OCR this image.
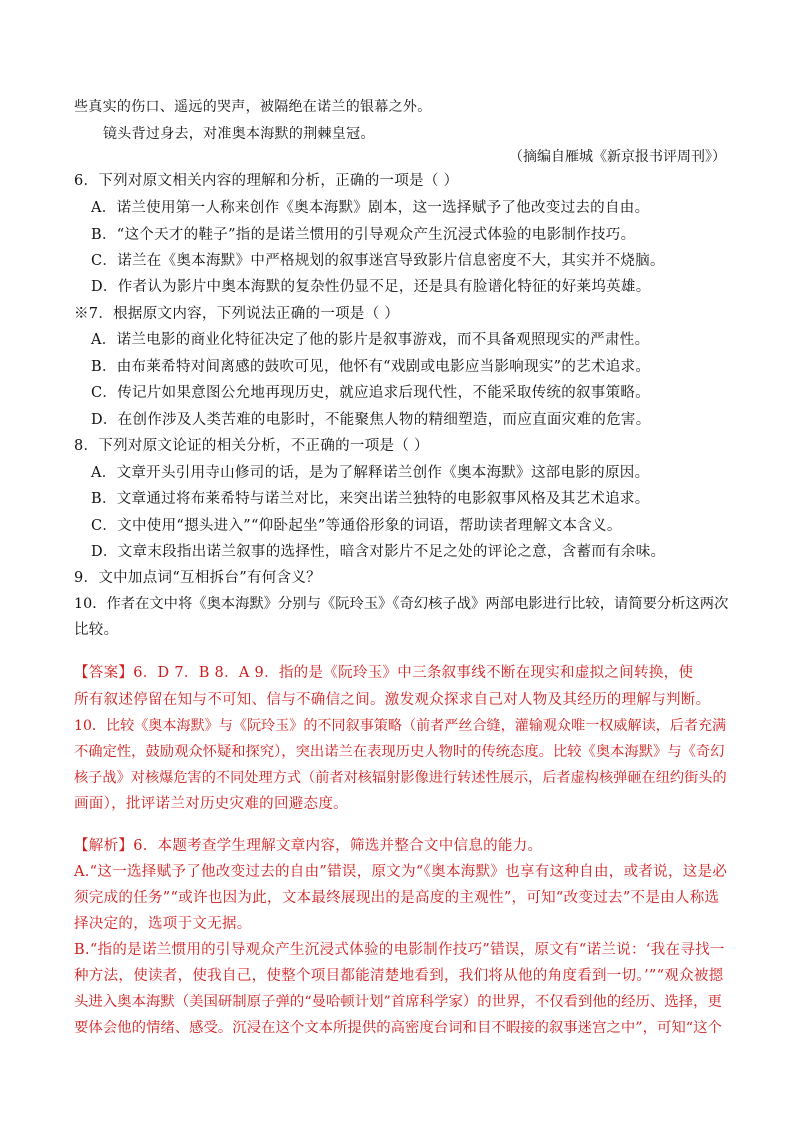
些真实的伤口、遥远的哭声，被隔绝在诺兰的银幕之外。
镜头背过身去，对准奥本海默的荆棘皇冠。
（摘编自雁城《新京报书评周刊》）
6．下列对原文相关内容的理解和分析，正确的一项是（ ）
A．诺兰使用第一人称来创作《奥本海默》剧本，这一选择赋予了他改变过去的自由。
B．“这个天才的鞋子”指的是诺兰惯用的引导观众产生沉浸式体验的电影制作技巧。
C．诺兰在《奥本海默》中严格规划的叙事迷宫导致影片信息密度不大，其实并不烧脑。
D．作者认为影片中奥本海默的复杂性仍显不足，还是具有脸谱化特征的好莱坞英雄。
※7．根据原文内容，下列说法正确的一项是（ ）
A．诺兰电影的商业化特征决定了他的影片是叙事游戏，而不具备观照现实的严肃性。
B．由布莱希特对间离感的鼓吹可见，他怀有“戏剧或电影应当影响现实”的艺术追求。
C．传记片如果意图公允地再现历史，就应追求后现代性，不能采取传统的叙事策略。
D．在创作涉及人类苦难的电影时，不能聚焦人物的精细塑造，而应直面灾难的危害。
8．下列对原文论证的相关分析，不正确的一项是（ ）
A．文章开头引用寺山修司的话，是为了解释诺兰创作《奥本海默》这部电影的原因。
B．文章通过将布莱希特与诺兰对比，来突出诺兰独特的电影叙事风格及其艺术追求。
C．文中使用“摁头进入”“仰卧起坐”等通俗形象的词语，帮助读者理解文本含义。
D．文章末段指出诺兰叙事的选择性，暗含对影片不足之处的评论之意，含蓄而有余味。
9．文中加点词“互相拆台”有何含义？
10．作者在文中将《奥本海默》分别与《阮玲玉》《奇幻核子战》两部电影进行比较，请简要分析这两次
比较。
【答案】6．D 7．B 8．A 9．指的是《阮玲玉》中三条叙事线不断在现实和虚拟之间转换，使
所有叙述停留在知与不可知、信与不确信之间。激发观众探求自己对人物及其经历的理解与判断。
10．比较《奥本海默》与《阮玲玉》的不同叙事策略（前者严丝合缝，灌输观众唯一权威解读，后者充满
不确定性，鼓励观众怀疑和探究），突出诺兰在表现历史人物时的传统态度。比较《奥本海默》与《奇幻
核子战》对核爆危害的不同处理方式（前者对核辐射影像进行转述性展示，后者虚构核弹砸在纽约街头的
画面），批评诺兰对历史灾难的回避态度。
【解析】6．本题考查学生理解文章内容，筛选并整合文中信息的能力。
A.“这一选择赋予了他改变过去的自由”错误，原文为“《奥本海默》也享有这种自由，或者说，这是必
须完成的任务”“或许也因为此，文本最终展现出的是高度的主观性”，可知“改变过去”不是由人称选
择决定的，选项于文无据。
B.“指的是诺兰惯用的引导观众产生沉浸式体验的电影制作技巧”错误，原文有“诺兰说：‘我在寻找一
种方法，使读者，使我自己，使整个项目都能清楚地看到，我们将从他的角度看到一切。’”“观众被摁
头进入奥本海默（美国研制原子弹的“曼哈顿计划”首席科学家）的世界，不仅看到他的经历、选择，更
要体会他的情绪、感受。沉浸在这个文本所提供的高密度台词和目不暇接的叙事迷宫之中”，可知“这个
